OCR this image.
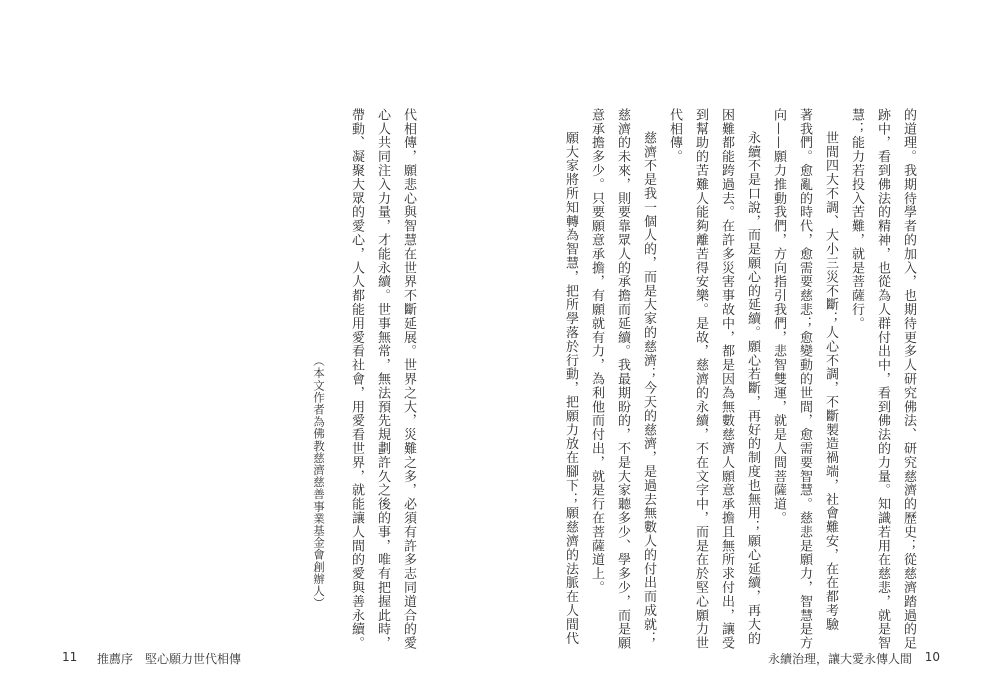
的道理。我期待學者的加入，也期待更多人研究佛法、研究慈濟的歷史；從慈濟踏過的足

跡中，看到佛法的精神，也從為人群付出中，看到佛法的力量。知識若用在慈悲，就是智

慧；能力若投入苦難，就是菩薩行。

世間四大不調、大小三災不斷；人心不調，不斷製造禍端，社會難安，在在都考驗

著我們。愈亂的時代，愈需要慈悲；愈變動的世間，愈需要智慧。慈悲是願力，智慧是方

向——願力推動我們，方向指引我們，悲智雙運，就是人間菩薩道。

永續不是口說，而是願心的延續。願心若斷，再好的制度也無用；願心延續，再大的

困難都能跨過去。在許多災害事故中，都是因為無數慈濟人願意承擔且無所求付出，讓受

到幫助的苦難人能夠離苦得安樂。是故，慈濟的永續，不在文字中，而是在於堅心願力世

代相傳。

慈濟不是我一個人的，而是大家的慈濟；今天的慈濟，是過去無數人的付出而成就；

慈濟的未來，則要靠眾人的承擔而延續。我最期盼的，不是大家聽多少、學多少，而是願

意承擔多少。只要願意承擔，有願就有力，為利他而付出，就是行在菩薩道上。

願大家將所知轉為智慧，把所學落於行動，把願力放在腳下；願慈濟的法脈在人間代

代相傳，願悲心與智慧在世界不斷延展。世界之大，災難之多，必須有許多志同道合的愛

心人共同注入力量，才能永續。世事無常，無法預先規劃許久之後的事，唯有把握此時，

帶動、凝聚大眾的愛心，人人都能用愛看社會，用愛看世界，就能讓人間的愛與善永續。

（本文作者為佛教慈濟慈善事業基金會創辦人）
11 推薦序　堅心願力世代相傳	永續治理，讓大愛永傳人間 10
